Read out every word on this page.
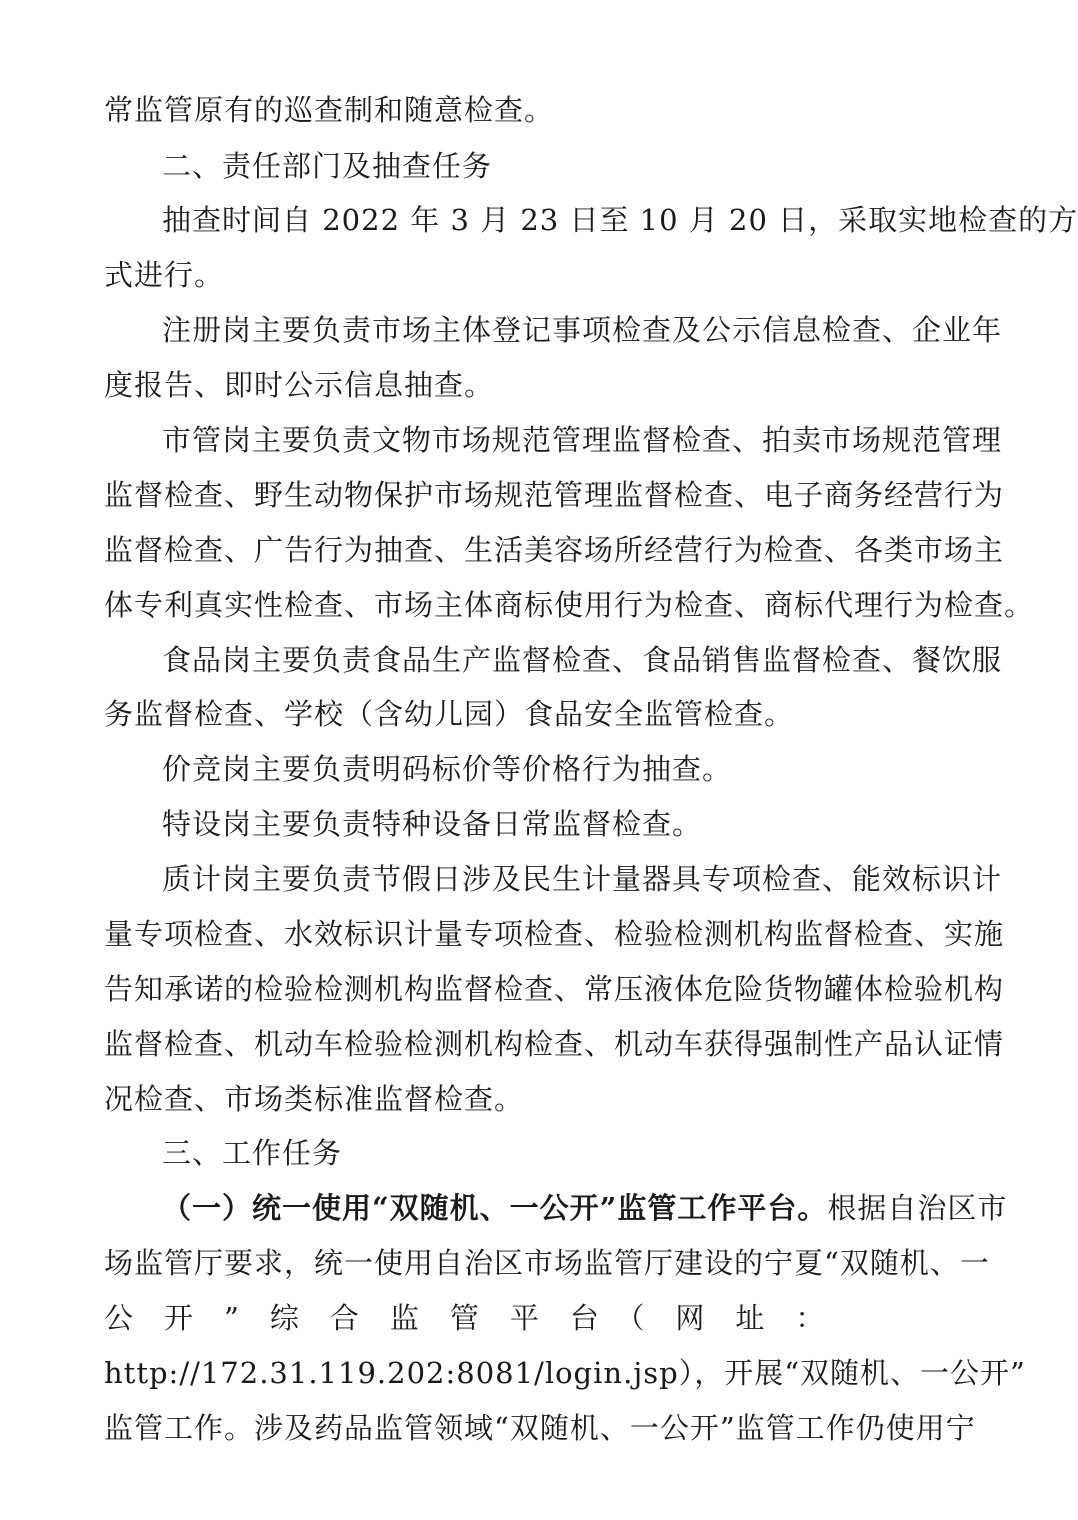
常监管原有的巡查制和随意检查。
二、责任部门及抽查任务
抽查时间自 2022 年 3 月 23 日至 10 月 20 日，采取实地检查的方
式进行。
注册岗主要负责市场主体登记事项检查及公示信息检查、企业年
度报告、即时公示信息抽查。
市管岗主要负责文物市场规范管理监督检查、拍卖市场规范管理
监督检查、野生动物保护市场规范管理监督检查、电子商务经营行为
监督检查、广告行为抽查、生活美容场所经营行为检查、各类市场主
体专利真实性检查、市场主体商标使用行为检查、商标代理行为检查。
食品岗主要负责食品生产监督检查、食品销售监督检查、餐饮服
务监督检查、学校（含幼儿园）食品安全监管检查。
价竞岗主要负责明码标价等价格行为抽查。
特设岗主要负责特种设备日常监督检查。
质计岗主要负责节假日涉及民生计量器具专项检查、能效标识计
量专项检查、水效标识计量专项检查、检验检测机构监督检查、实施
告知承诺的检验检测机构监督检查、常压液体危险货物罐体检验机构
监督检查、机动车检验检测机构检查、机动车获得强制性产品认证情
况检查、市场类标准监督检查。
三、工作任务
（一）统一使用“双随机、一公开”监管工作平台。根据自治区市
场监管厅要求，统一使用自治区市场监管厅建设的宁夏“双随机、一
公　开　”　综　合　监　管　平　台　（　网　址　：
http://172.31.119.202:8081/login.jsp），开展“双随机、一公开”
监管工作。涉及药品监管领域“双随机、一公开”监管工作仍使用宁
